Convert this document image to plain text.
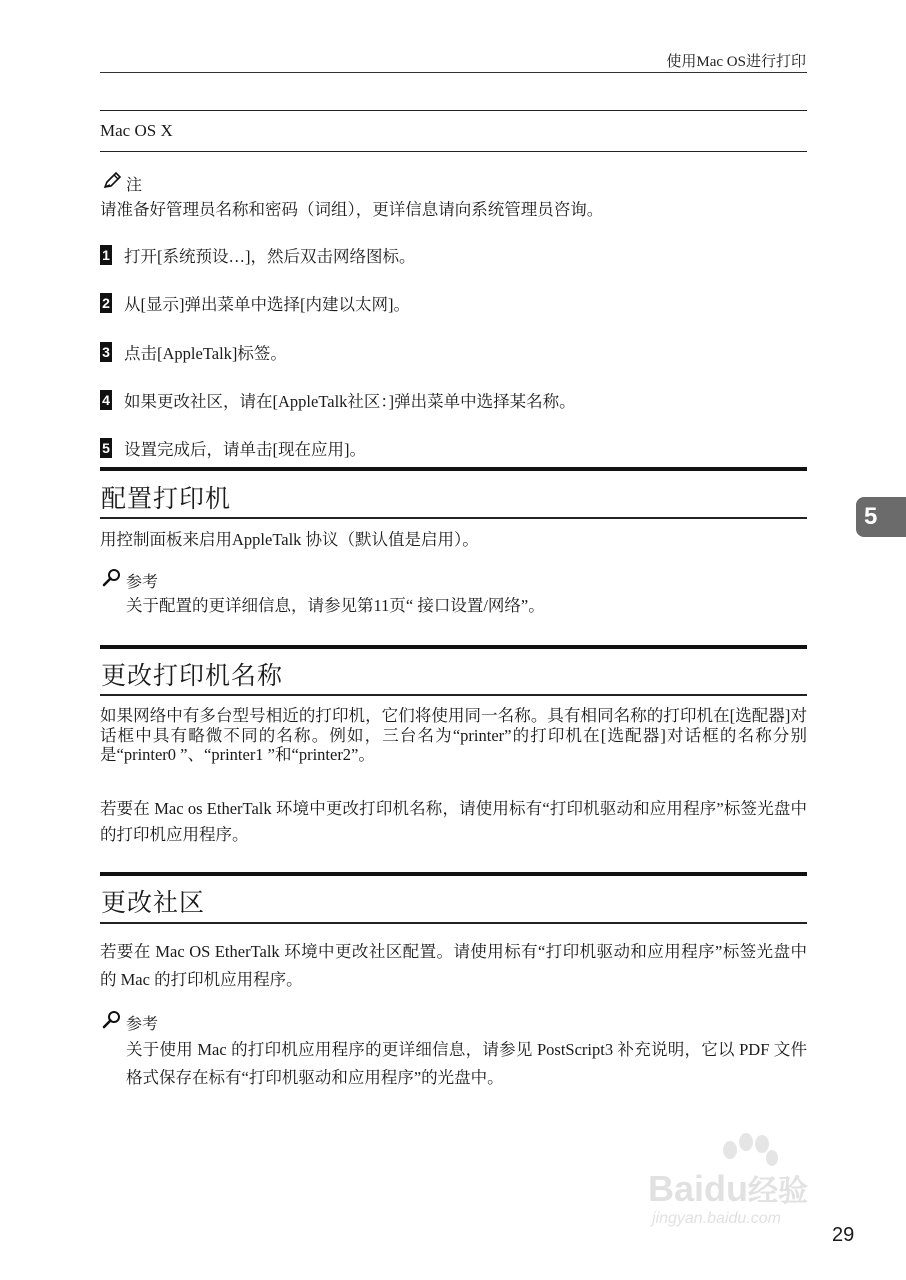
使用Mac OS进行打印
Mac OS X
注
请准备好管理员名称和密码（词组），更详信息请向系统管理员咨询。
1 打开[系统预设…]，然后双击网络图标。
2 从[显示]弹出菜单中选择[内建以太网]。
3 点击[AppleTalk]标签。
4 如果更改社区，请在[AppleTalk社区：]弹出菜单中选择某名称。
5 设置完成后，请单击[现在应用]。
配置打印机
用控制面板来启用AppleTalk 协议（默认值是启用）。
参考
关于配置的更详细信息，请参见第11页“ 接口设置/网络”。
更改打印机名称
如果网络中有多台型号相近的打印机，它们将使用同一名称。具有相同名称的打印机在[选配器]对话框中具有略微不同的名称。例如，三台名为“printer”的打印机在[选配器]对话框的名称分别是“printer0 ”、“printer1 ”和“printer2”。
若要在 Mac os EtherTalk 环境中更改打印机名称，请使用标有“打印机驱动和应用程序”标签光盘中的打印机应用程序。
更改社区
若要在 Mac OS EtherTalk 环境中更改社区配置。请使用标有“打印机驱动和应用程序”标签光盘中的 Mac 的打印机应用程序。
参考
关于使用 Mac 的打印机应用程序的更详细信息，请参见 PostScript3 补充说明，它以 PDF 文件格式保存在标有“打印机驱动和应用程序”的光盘中。
5
Baidu经验
jingyan.baidu.com
29
